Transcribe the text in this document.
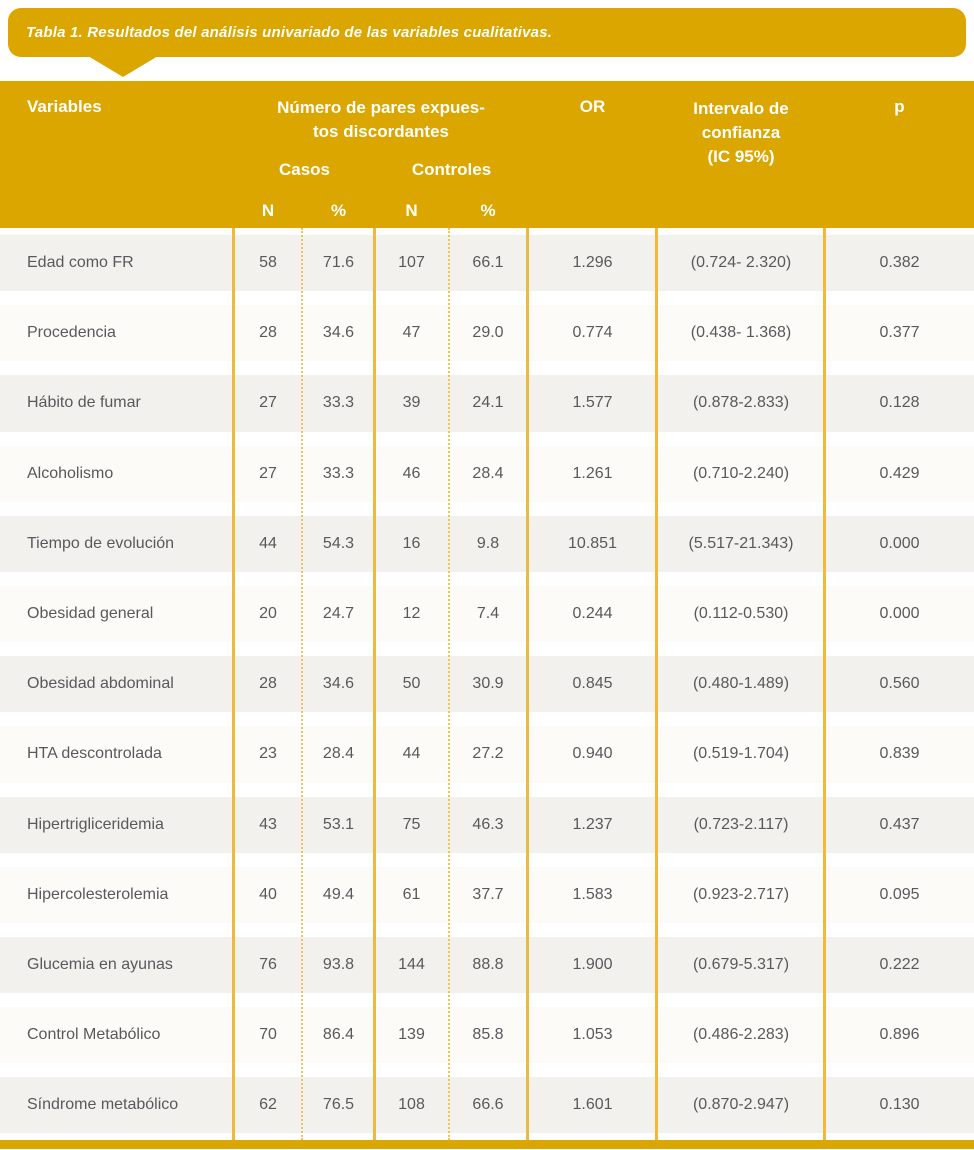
Tabla 1. Resultados del análisis univariado de las variables cualitativas.
Variables	Número de pares expues-
tos discordantes
Casos	Controles
N	%	N	%
OR	Intervalo de
confianza
(IC 95%)
p
Edad como FR	58	71.6	107	66.1	1.296	(0.724- 2.320)	0.382
Procedencia	28	34.6	47	29.0	0.774	(0.438- 1.368)	0.377
Hábito de fumar	27	33.3	39	24.1	1.577	(0.878-2.833)	0.128
Alcoholismo	27	33.3	46	28.4	1.261	(0.710-2.240)	0.429
Tiempo de evolución	44	54.3	16	9.8	10.851	(5.517-21.343)	0.000
Obesidad general	20	24.7	12	7.4	0.244	(0.112-0.530)	0.000
Obesidad abdominal	28	34.6	50	30.9	0.845	(0.480-1.489)	0.560
HTA descontrolada	23	28.4	44	27.2	0.940	(0.519-1.704)	0.839
Hipertrigliceridemia	43	53.1	75	46.3	1.237	(0.723-2.117)	0.437
Hipercolesterolemia	40	49.4	61	37.7	1.583	(0.923-2.717)	0.095
Glucemia en ayunas	76	93.8	144	88.8	1.900	(0.679-5.317)	0.222
Control Metabólico	70	86.4	139	85.8	1.053	(0.486-2.283)	0.896
Síndrome metabólico	62	76.5	108	66.6	1.601	(0.870-2.947)	0.130
